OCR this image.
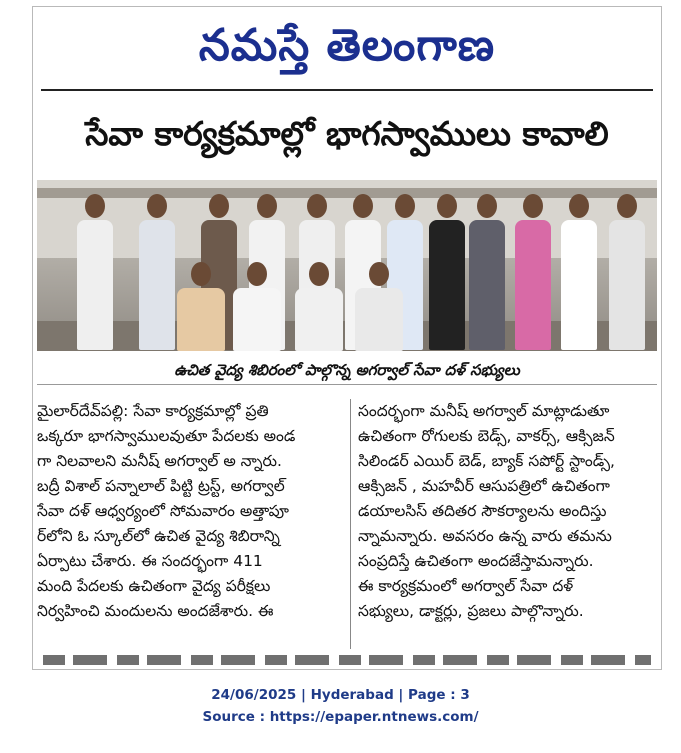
నమస్తే తెలంగాణ
సేవా కార్యక్రమాల్లో భాగస్వాములు కావాలి
ఉచిత వైద్య శిబిరంలో పాల్గొన్న అగర్వాల్ సేవా దళ్ సభ్యులు
మైలార్‌దేవ్‌పల్లి: సేవా కార్యక్రమాల్లో ప్రతి
ఒక్కరూ భాగస్వాములవుతూ పేదలకు అండ
గా నిలవాలని మనీష్ అగర్వాల్ అ న్నారు.
బద్రీ విశాల్ పన్నాలాల్ పిట్టి ట్రస్ట్, అగర్వాల్
సేవా దళ్ ఆధ్వర్యంలో సోమవారం అత్తాపూ
ర్‌లోని ఓ స్కూల్‌లో ఉచిత వైద్య శిబిరాన్ని
ఏర్పాటు చేశారు. ఈ సందర్భంగా 411
మంది పేదలకు ఉచితంగా వైద్య పరీక్షలు
నిర్వహించి మందులను అందజేశారు. ఈ
సందర్భంగా మనీష్ అగర్వాల్ మాట్లాడుతూ
ఉచితంగా రోగులకు బెడ్స్, వాకర్స్, ఆక్సిజన్
సిలిండర్ ఎయిర్ బెడ్, బ్యాక్ సపోర్ట్ స్టాండ్స్,
ఆక్సిజన్ , మహవీర్ ఆసుపత్రిలో ఉచితంగా
డయాలసిస్ తదితర సౌకర్యాలను అందిస్తు
న్నామన్నారు. అవసరం ఉన్న వారు తమను
సంప్రదిస్తే ఉచితంగా అందజేస్తామన్నారు.
ఈ కార్యక్రమంలో అగర్వాల్ సేవా దళ్
సభ్యులు, డాక్టర్లు, ప్రజలు పాల్గొన్నారు.
24/06/2025 | Hyderabad | Page : 3
Source : https://epaper.ntnews.com/
